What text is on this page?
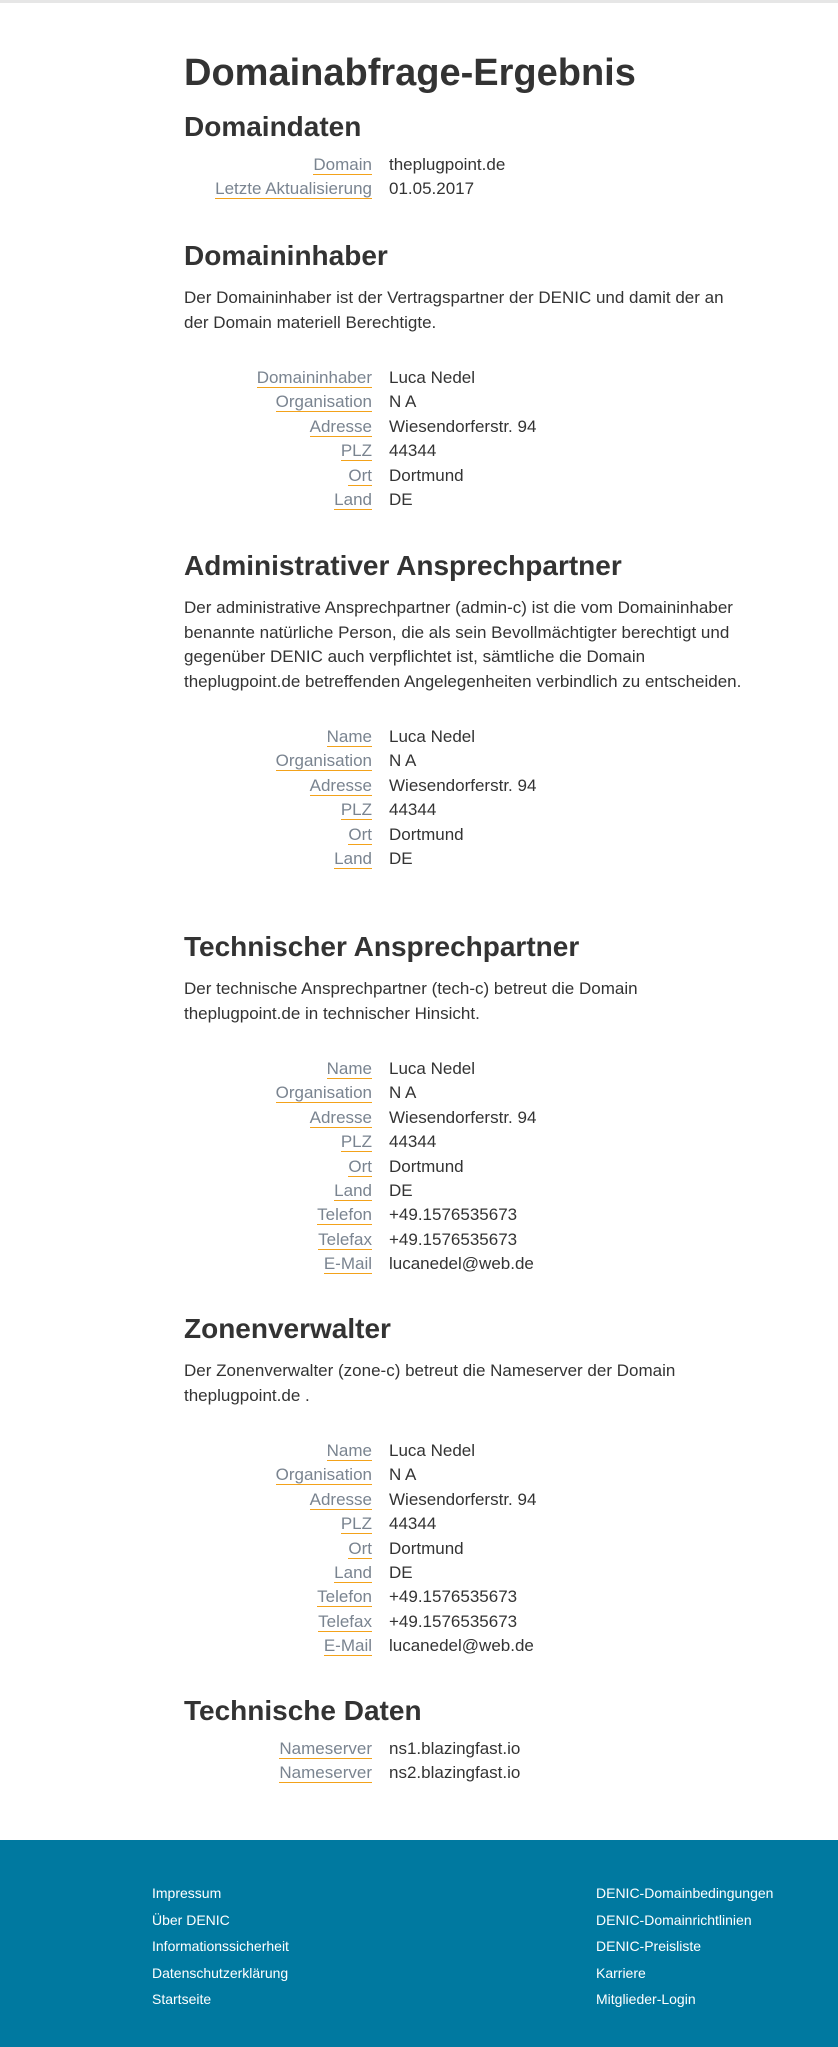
Domainabfrage-Ergebnis
Domaindaten
Domain	theplugpoint.de
Letzte Aktualisierung	01.05.2017
Domaininhaber

Der Domaininhaber ist der Vertragspartner der DENIC und damit der an der Domain materiell Berechtigte.

Domaininhaber	Luca Nedel
Organisation	N A
Adresse	Wiesendorferstr. 94
PLZ	44344
Ort	Dortmund
Land	DE
Administrativer Ansprechpartner

Der administrative Ansprechpartner (admin-c) ist die vom Domaininhaber benannte natürliche Person, die als sein Bevollmächtigter berechtigt und gegenüber DENIC auch verpflichtet ist, sämtliche die Domain theplugpoint.de betreffenden Angelegenheiten verbindlich zu entscheiden.

Name	Luca Nedel
Organisation	N A
Adresse	Wiesendorferstr. 94
PLZ	44344
Ort	Dortmund
Land	DE
Technischer Ansprechpartner

Der technische Ansprechpartner (tech-c) betreut die Domain theplugpoint.de in technischer Hinsicht.

Name	Luca Nedel
Organisation	N A
Adresse	Wiesendorferstr. 94
PLZ	44344
Ort	Dortmund
Land	DE
Telefon	+49.1576535673
Telefax	+49.1576535673
E-Mail	lucanedel@web.de
Zonenverwalter

Der Zonenverwalter (zone-c) betreut die Nameserver der Domain theplugpoint.de .

Name	Luca Nedel
Organisation	N A
Adresse	Wiesendorferstr. 94
PLZ	44344
Ort	Dortmund
Land	DE
Telefon	+49.1576535673
Telefax	+49.1576535673
E-Mail	lucanedel@web.de
Technische Daten
Nameserver	ns1.blazingfast.io
Nameserver	ns2.blazingfast.io
Impressum
Über DENIC
Informationssicherheit
Datenschutzerklärung
Startseite
DENIC-Domainbedingungen
DENIC-Domainrichtlinien
DENIC-Preisliste
Karriere
Mitglieder-Login
